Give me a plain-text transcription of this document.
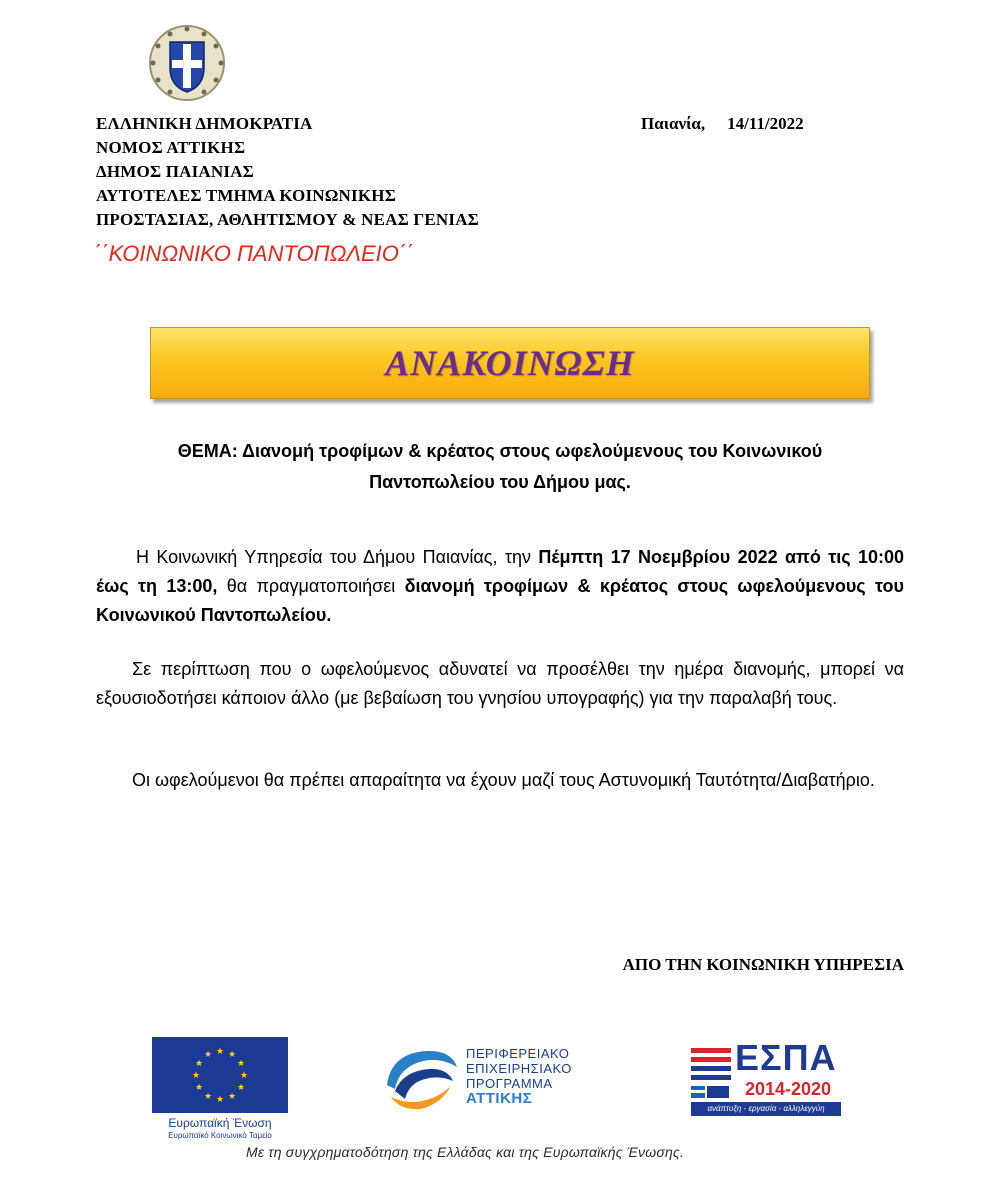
ΕΛΛΗΝΙΚΗ ΔΗΜΟΚΡΑΤΙΑ
ΝΟΜΟΣ ΑΤΤΙΚΗΣ
ΔΗΜΟΣ ΠΑΙΑΝΙΑΣ
ΑΥΤΟΤΕΛΕΣ ΤΜΗΜΑ ΚΟΙΝΩΝΙΚΗΣ
ΠΡΟΣΤΑΣΙΑΣ, ΑΘΛΗΤΙΣΜΟΥ & ΝΕΑΣ ΓΕΝΙΑΣ
Παιανία, 14/11/2022
΄΄ΚΟΙΝΩΝΙΚΟ ΠΑΝΤΟΠΩΛΕΙΟ΄΄
ΑΝΑΚΟΙΝΩΣΗ
ΘΕΜΑ: Διανομή τροφίμων & κρέατος στους ωφελούμενους του Κοινωνικού
Παντοπωλείου του Δήμου μας.
Η Κοινωνική Υπηρεσία του Δήμου Παιανίας, την Πέμπτη 17 Νοεμβρίου 2022 από τις 10:00 έως τη 13:00, θα πραγματοποιήσει διανομή τροφίμων & κρέατος στους ωφελούμενους του Κοινωνικού Παντοπωλείου.
Σε περίπτωση που ο ωφελούμενος αδυνατεί να προσέλθει την ημέρα διανομής, μπορεί να εξουσιοδοτήσει κάποιον άλλο (με βεβαίωση του γνησίου υπογραφής) για την παραλαβή τους.
Οι ωφελούμενοι θα πρέπει απαραίτητα να έχουν μαζί τους Αστυνομική Ταυτότητα/Διαβατήριο.
ΑΠΟ ΤΗΝ ΚΟΙΝΩΝΙΚΗ ΥΠΗΡΕΣΙΑ
★ ★
★
★
★
★
★
★
★
★
★
★
Ευρωπαϊκή Ένωση
Ευρωπαϊκό Κοινωνικό Ταμείο
ΠΕΡΙΦΕΡΕΙΑΚΟ
ΕΠΙΧΕΙΡΗΣΙΑΚΟ
ΠΡΟΓΡΑΜΜΑ
ΑΤΤΙΚΗΣ
ΕΣΠΑ
2014-2020
ανάπτυξη - εργασία - αλληλεγγύη
Με τη συγχρηματοδότηση της Ελλάδας και της Ευρωπαϊκής Ένωσης.
